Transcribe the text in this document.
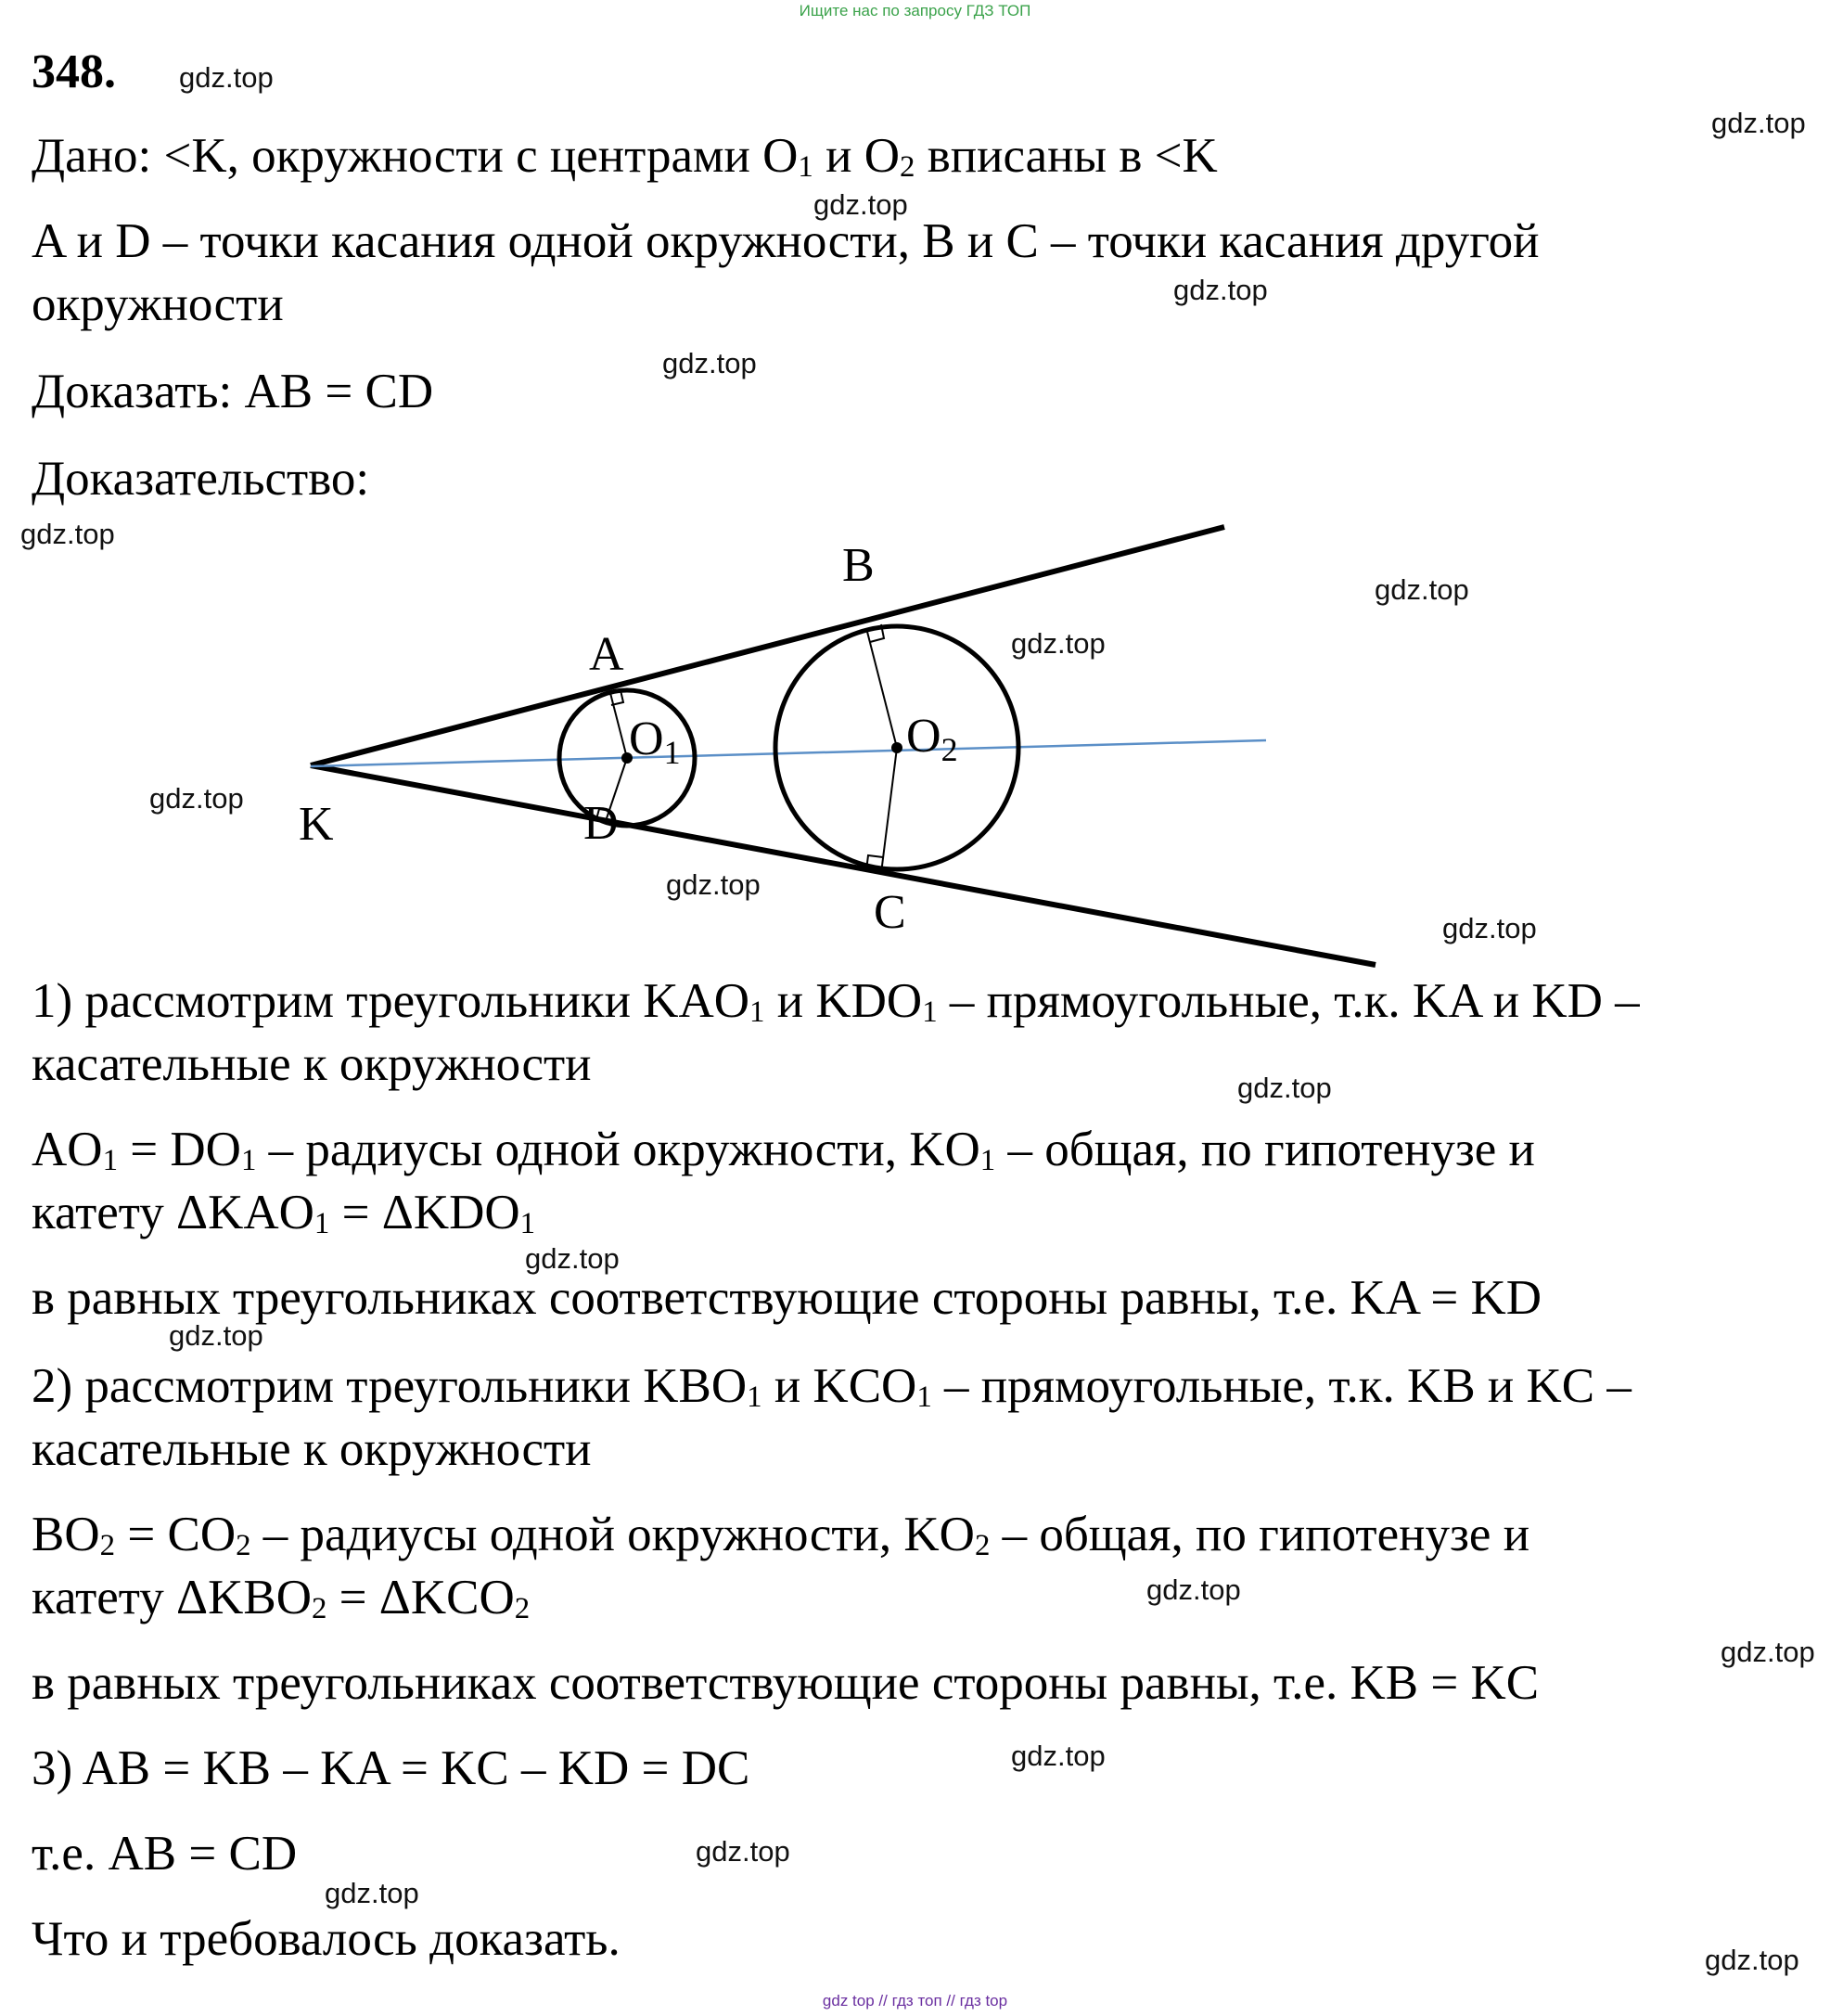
Ищите нас по запросу ГДЗ ТОП
348.
Дано: <K, окружности с центрами $O_1$ и $O_2$ вписаны в <K
A и D – точки касания одной окружности, B и C – точки касания другой
окружности
Доказать: AB = CD
Доказательство:
B
A
K	D
C
O1	O2
1) рассмотрим треугольники $KAO_1$ и $KDO_1$ – прямоугольные, т.к. KA и KD –
касательные к окружности
$AO_1 = DO_1$ – радиусы одной окружности, $KO_1$ – общая, по гипотенузе и
катету $\Delta KAO_1 = \Delta KDO_1$
в равных треугольниках соответствующие стороны равны, т.е. KA = KD
2) рассмотрим треугольники $KBO_1$ и $KCO_1$ – прямоугольные, т.к. KB и KC –
касательные к окружности
$BO_2 = CO_2$ – радиусы одной окружности, $KO_2$ – общая, по гипотенузе и
катету $\Delta KBO_2 = \Delta KCO_2$
в равных треугольниках соответствующие стороны равны, т.е. KB = KC
3) AB = KB – KA = KC – KD = DC
т.е. AB = CD
Что и требовалось доказать.
gdz.top
gdz.top
gdz.top
gdz.top
gdz.top
gdz.top
gdz.top
gdz.top
gdz.top
gdz.top
gdz.top
gdz.top
gdz.top
gdz.top
gdz.top
gdz.top
gdz.top
gdz.top
gdz.top
gdz.top
gdz top // гдз топ // гдз top
